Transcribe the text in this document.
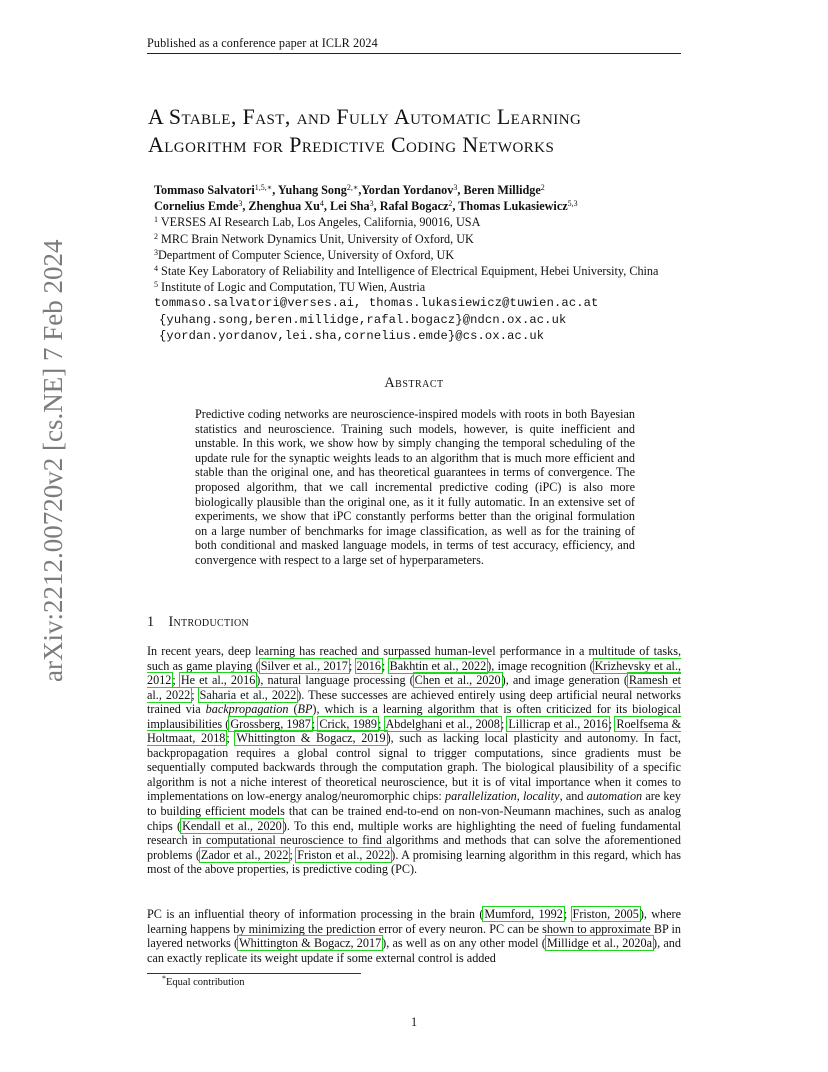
Published as a conference paper at ICLR 2024
arXiv:2212.00720v2 [cs.NE] 7 Feb 2024
A Stable, Fast, and Fully Automatic Learning
Algorithm for Predictive Coding Networks
Tommaso Salvatori$^{1,5,∗}$, Yuhang Song$^{2,∗}$,Yordan Yordanov$^3$, Beren Millidge$^2$
Cornelius Emde$^3$, Zhenghua Xu$^4$, Lei Sha$^3$, Rafal Bogacz$^2$, Thomas Lukasiewicz$^{5,3}$
$^1$ VERSES AI Research Lab, Los Angeles, California, 90016, USA
$^2$ MRC Brain Network Dynamics Unit, University of Oxford, UK
$^3$Department of Computer Science, University of Oxford, UK
$^4$ State Key Laboratory of Reliability and Intelligence of Electrical Equipment, Hebei University, China
$^5$ Institute of Logic and Computation, TU Wien, Austria
tommaso.salvatori@verses.ai, thomas.lukasiewicz@tuwien.ac.at
{yuhang.song,beren.millidge,rafal.bogacz}@ndcn.ox.ac.uk
{yordan.yordanov,lei.sha,cornelius.emde}@cs.ox.ac.uk
Abstract
Predictive coding networks are neuroscience-inspired models with roots in both Bayesian statistics and neuroscience. Training such models, however, is quite inefficient and unstable. In this work, we show how by simply changing the temporal scheduling of the update rule for the synaptic weights leads to an algorithm that is much more efficient and stable than the original one, and has theoretical guarantees in terms of convergence. The proposed algorithm, that we call incremental predictive coding (iPC) is also more biologically plausible than the original one, as it it fully automatic. In an extensive set of experiments, we show that iPC constantly performs better than the original formulation on a large number of benchmarks for image classification, as well as for the training of both conditional and masked language models, in terms of test accuracy, efficiency, and convergence with respect to a large set of hyperparameters.
1 Introduction
In recent years, deep learning has reached and surpassed human-level performance in a multitude of tasks, such as game playing (Silver et al., 2017; 2016; Bakhtin et al., 2022), image recognition (Krizhevsky et al., 2012; He et al., 2016), natural language processing (Chen et al., 2020), and image generation (Ramesh et al., 2022; Saharia et al., 2022). These successes are achieved entirely using deep artificial neural networks trained via backpropagation (BP), which is a learning algorithm that is often criticized for its biological implausibilities (Grossberg, 1987; Crick, 1989; Abdelghani et al., 2008; Lillicrap et al., 2016; Roelfsema & Holtmaat, 2018; Whittington & Bogacz, 2019), such as lacking local plasticity and autonomy. In fact, backpropagation requires a global control signal to trigger computations, since gradients must be sequentially computed backwards through the computation graph. The biological plausibility of a specific algorithm is not a niche interest of theoretical neuroscience, but it is of vital importance when it comes to implementations on low-energy analog/neuromorphic chips: parallelization, locality, and automation are key to building efficient models that can be trained end-to-end on non-von-Neumann machines, such as analog chips (Kendall et al., 2020). To this end, multiple works are highlighting the need of fueling fundamental research in computational neuroscience to find algorithms and methods that can solve the aforementioned problems (Zador et al., 2022; Friston et al., 2022). A promising learning algorithm in this regard, which has most of the above properties, is predictive coding (PC).
PC is an influential theory of information processing in the brain (Mumford, 1992; Friston, 2005), where learning happens by minimizing the prediction error of every neuron. PC can be shown to approximate BP in layered networks (Whittington & Bogacz, 2017), as well as on any other model (Millidge et al., 2020a), and can exactly replicate its weight update if some external control is added
*Equal contribution
1
